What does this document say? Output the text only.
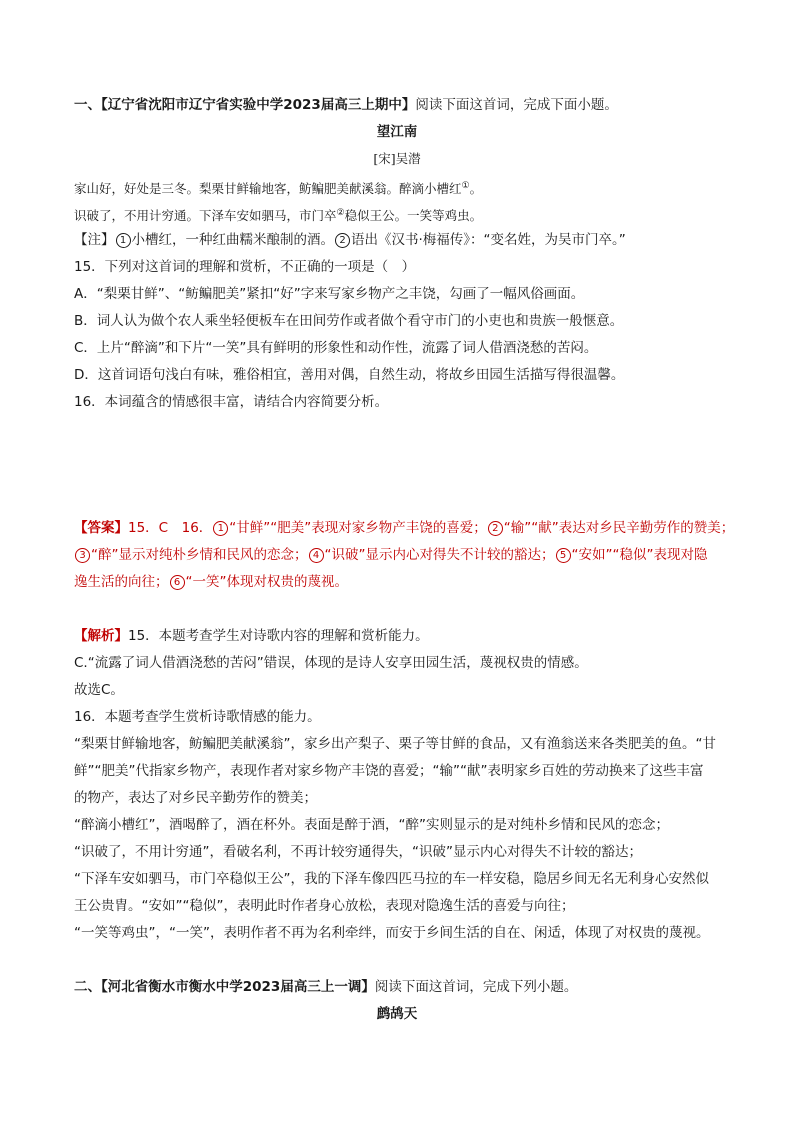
一、【辽宁省沈阳市辽宁省实验中学2023届高三上期中】阅读下面这首词，完成下面小题。
望江南
[宋]吴潜
家山好，好处是三冬。梨栗甘鲜输地客，鲂鳊肥美献溪翁。醉滴小槽红①。
识破了，不用计穷通。下泽车安如驷马，市门卒②稳似王公。一笑等鸡虫。
【注】 1 小槽红，一种红曲糯米酿制的酒。 2 语出《汉书·梅福传》：“变名姓，为吴市门卒。”
15．下列对这首词的理解和赏析，不正确的一项是（　）
A．“梨栗甘鲜”、“鲂鳊肥美”紧扣“好”字来写家乡物产之丰饶，勾画了一幅风俗画面。
B．词人认为做个农人乘坐轻便板车在田间劳作或者做个看守市门的小吏也和贵族一般惬意。
C．上片“醉滴”和下片“一笑”具有鲜明的形象性和动作性，流露了词人借酒浇愁的苦闷。
D．这首词语句浅白有味，雅俗相宜，善用对偶，自然生动，将故乡田园生活描写得很温馨。
16．本词蕴含的情感很丰富，请结合内容简要分析。
【答案】15．C　16． 1 “甘鲜”“肥美”表现对家乡物产丰饶的喜爱； 2 “输”“献”表达对乡民辛勤劳作的赞美；
3 “醉”显示对纯朴乡情和民风的恋念； 4 “识破”显示内心对得失不计较的豁达； 5 “安如”“稳似”表现对隐
逸生活的向往； 6 “一笑”体现对权贵的蔑视。
【解析】15．本题考查学生对诗歌内容的理解和赏析能力。
C.“流露了词人借酒浇愁的苦闷”错误，体现的是诗人安享田园生活，蔑视权贵的情感。
故选C。
16．本题考查学生赏析诗歌情感的能力。
“梨栗甘鲜输地客，鲂鳊肥美献溪翁”，家乡出产梨子、栗子等甘鲜的食品，又有渔翁送来各类肥美的鱼。“甘
鲜”“肥美”代指家乡物产，表现作者对家乡物产丰饶的喜爱；“输”“献”表明家乡百姓的劳动换来了这些丰富
的物产，表达了对乡民辛勤劳作的赞美；
“醉滴小槽红”，酒喝醉了，酒在杯外。表面是醉于酒，“醉”实则显示的是对纯朴乡情和民风的恋念；
“识破了，不用计穷通”，看破名利，不再计较穷通得失，“识破”显示内心对得失不计较的豁达；
“下泽车安如驷马，市门卒稳似王公”，我的下泽车像四匹马拉的车一样安稳，隐居乡间无名无利身心安然似
王公贵胄。“安如”“稳似”，表明此时作者身心放松，表现对隐逸生活的喜爱与向往；
“一笑等鸡虫”，“一笑”，表明作者不再为名利牵绊，而安于乡间生活的自在、闲适，体现了对权贵的蔑视。
二、【河北省衡水市衡水中学2023届高三上一调】阅读下面这首词，完成下列小题。
鹧鸪天
